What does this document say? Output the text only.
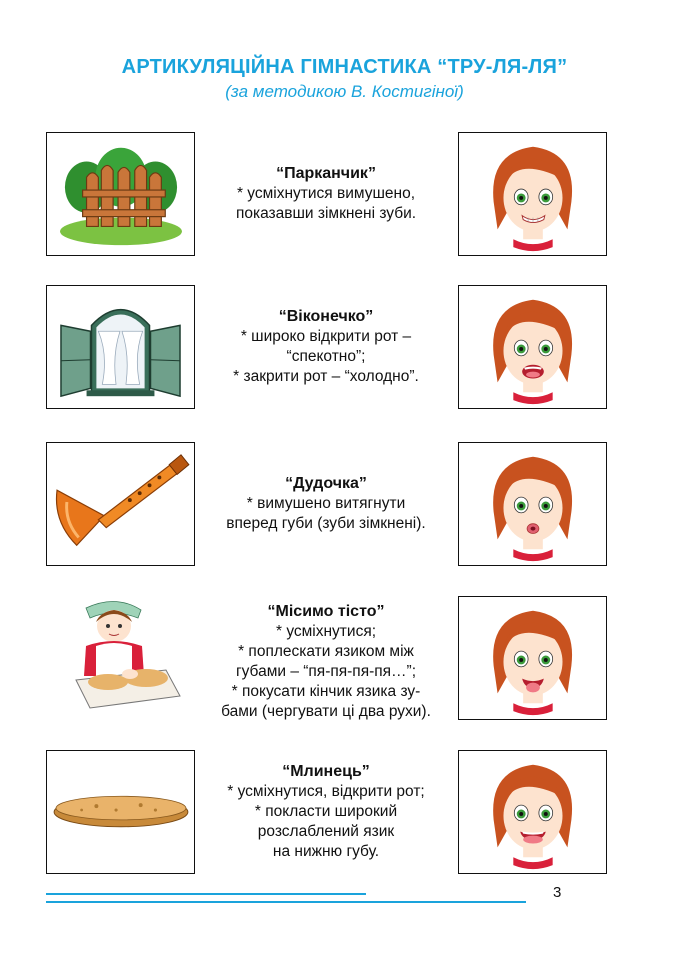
АРТИКУЛЯЦІЙНА ГІМНАСТИКА “ТРУ-ЛЯ-ЛЯ”
(за методикою В. Костигіної)
“Парканчик”
* усміхнутися вимушено,
показавши зімкнені зуби.
“Віконечко”
* широко відкрити рот –
“спекотно”;
* закрити рот – “холодно”.
“Дудочка”
* вимушено витягнути
вперед губи (зуби зімкнені).
“Місимо тісто”
* усміхнутися;
* поплескати язиком між
губами – “пя-пя-пя-пя…”;
* покусати кінчик язика зу-
бами (чергувати ці два рухи).
“Млинець”
* усміхнутися, відкрити рот;
* покласти широкий
розслаблений язик
на нижню губу.
3
